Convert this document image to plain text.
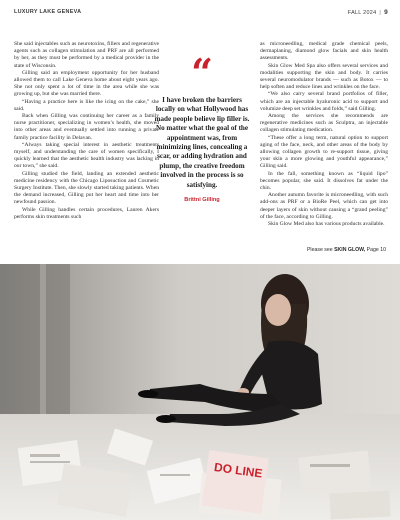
LUXURY LAKE GENEVA	FALL 2024 | 9

She said injectables such as neurotoxins, fillers and regenerative agents such as collagen stimulation and PRF are all performed by her, as they must be performed by a medical provider in the state of Wisconsin.

Gilling said an employment opportunity for her husband allowed them to call Lake Geneva home about eight years ago. She not only spent a lot of time in the area while she was growing up, but she was married there.

“Having a practice here is like the icing on the cake,” she said.

Back when Gilling was continuing her career as a family nurse practitioner, specializing in women’s health, she moved into other areas and eventually settled into running a private family practice facility in Delavan.

“Always taking special interest in aesthetic treatments myself, and understanding the care of women specifically, I quickly learned that the aesthetic health industry was lacking in our town,” she said.

Gilling studied the field, landing an extended aesthetic medicine residency with the Chicago Liposuction and Cosmetic Surgery Institute. Then, she slowly started taking patients. When the demand increased, Gilling put her heart and time into her newfound passion.

While Gilling handles certain procedures, Lauren Akers performs skin treatments such

“
I have broken the barriers locally on what Hollywood has made people believe lip filler is. No matter what the goal of the appointment was, from minimizing lines, concealing a scar, or adding hydration and plump, the creative freedom involved in the process is so satisfying.
Brittni Gilling

as microneedling, medical grade chemical peels, dermaplaning, diamond glow facials and skin health assessments.

Skin Glow Med Spa also offers several services and modalities supporting the skin and body. It carries several neuromodulator brands — such as Botox — to help soften and reduce lines and wrinkles on the face.

“We also carry several brand portfolios of filler, which are an injectable hyaluronic acid to support and volumize deep set wrinkles and folds,” said Gilling.

Among the services she recommends are regenerative medicines such as Sculptra, an injectable collagen stimulating medication.

“These offer a long term, natural option to support aging of the face, neck, and other areas of the body by allowing collagen growth to re-support tissue, giving your skin a more glowing and youthful appearance,” Gilling said.

In the fall, something known as “liquid lipo” becomes popular, she said. It dissolves fat under the chin.

Another autumn favorite is microneedling, with such add-ons as PRF or a BioRe Peel, which can get into deeper layers of skin without causing a “grand peeling” of the face, according to Gilling.

Skin Glow Med also has various products available.

Please see SKIN GLOW, Page 10
DO LINE
